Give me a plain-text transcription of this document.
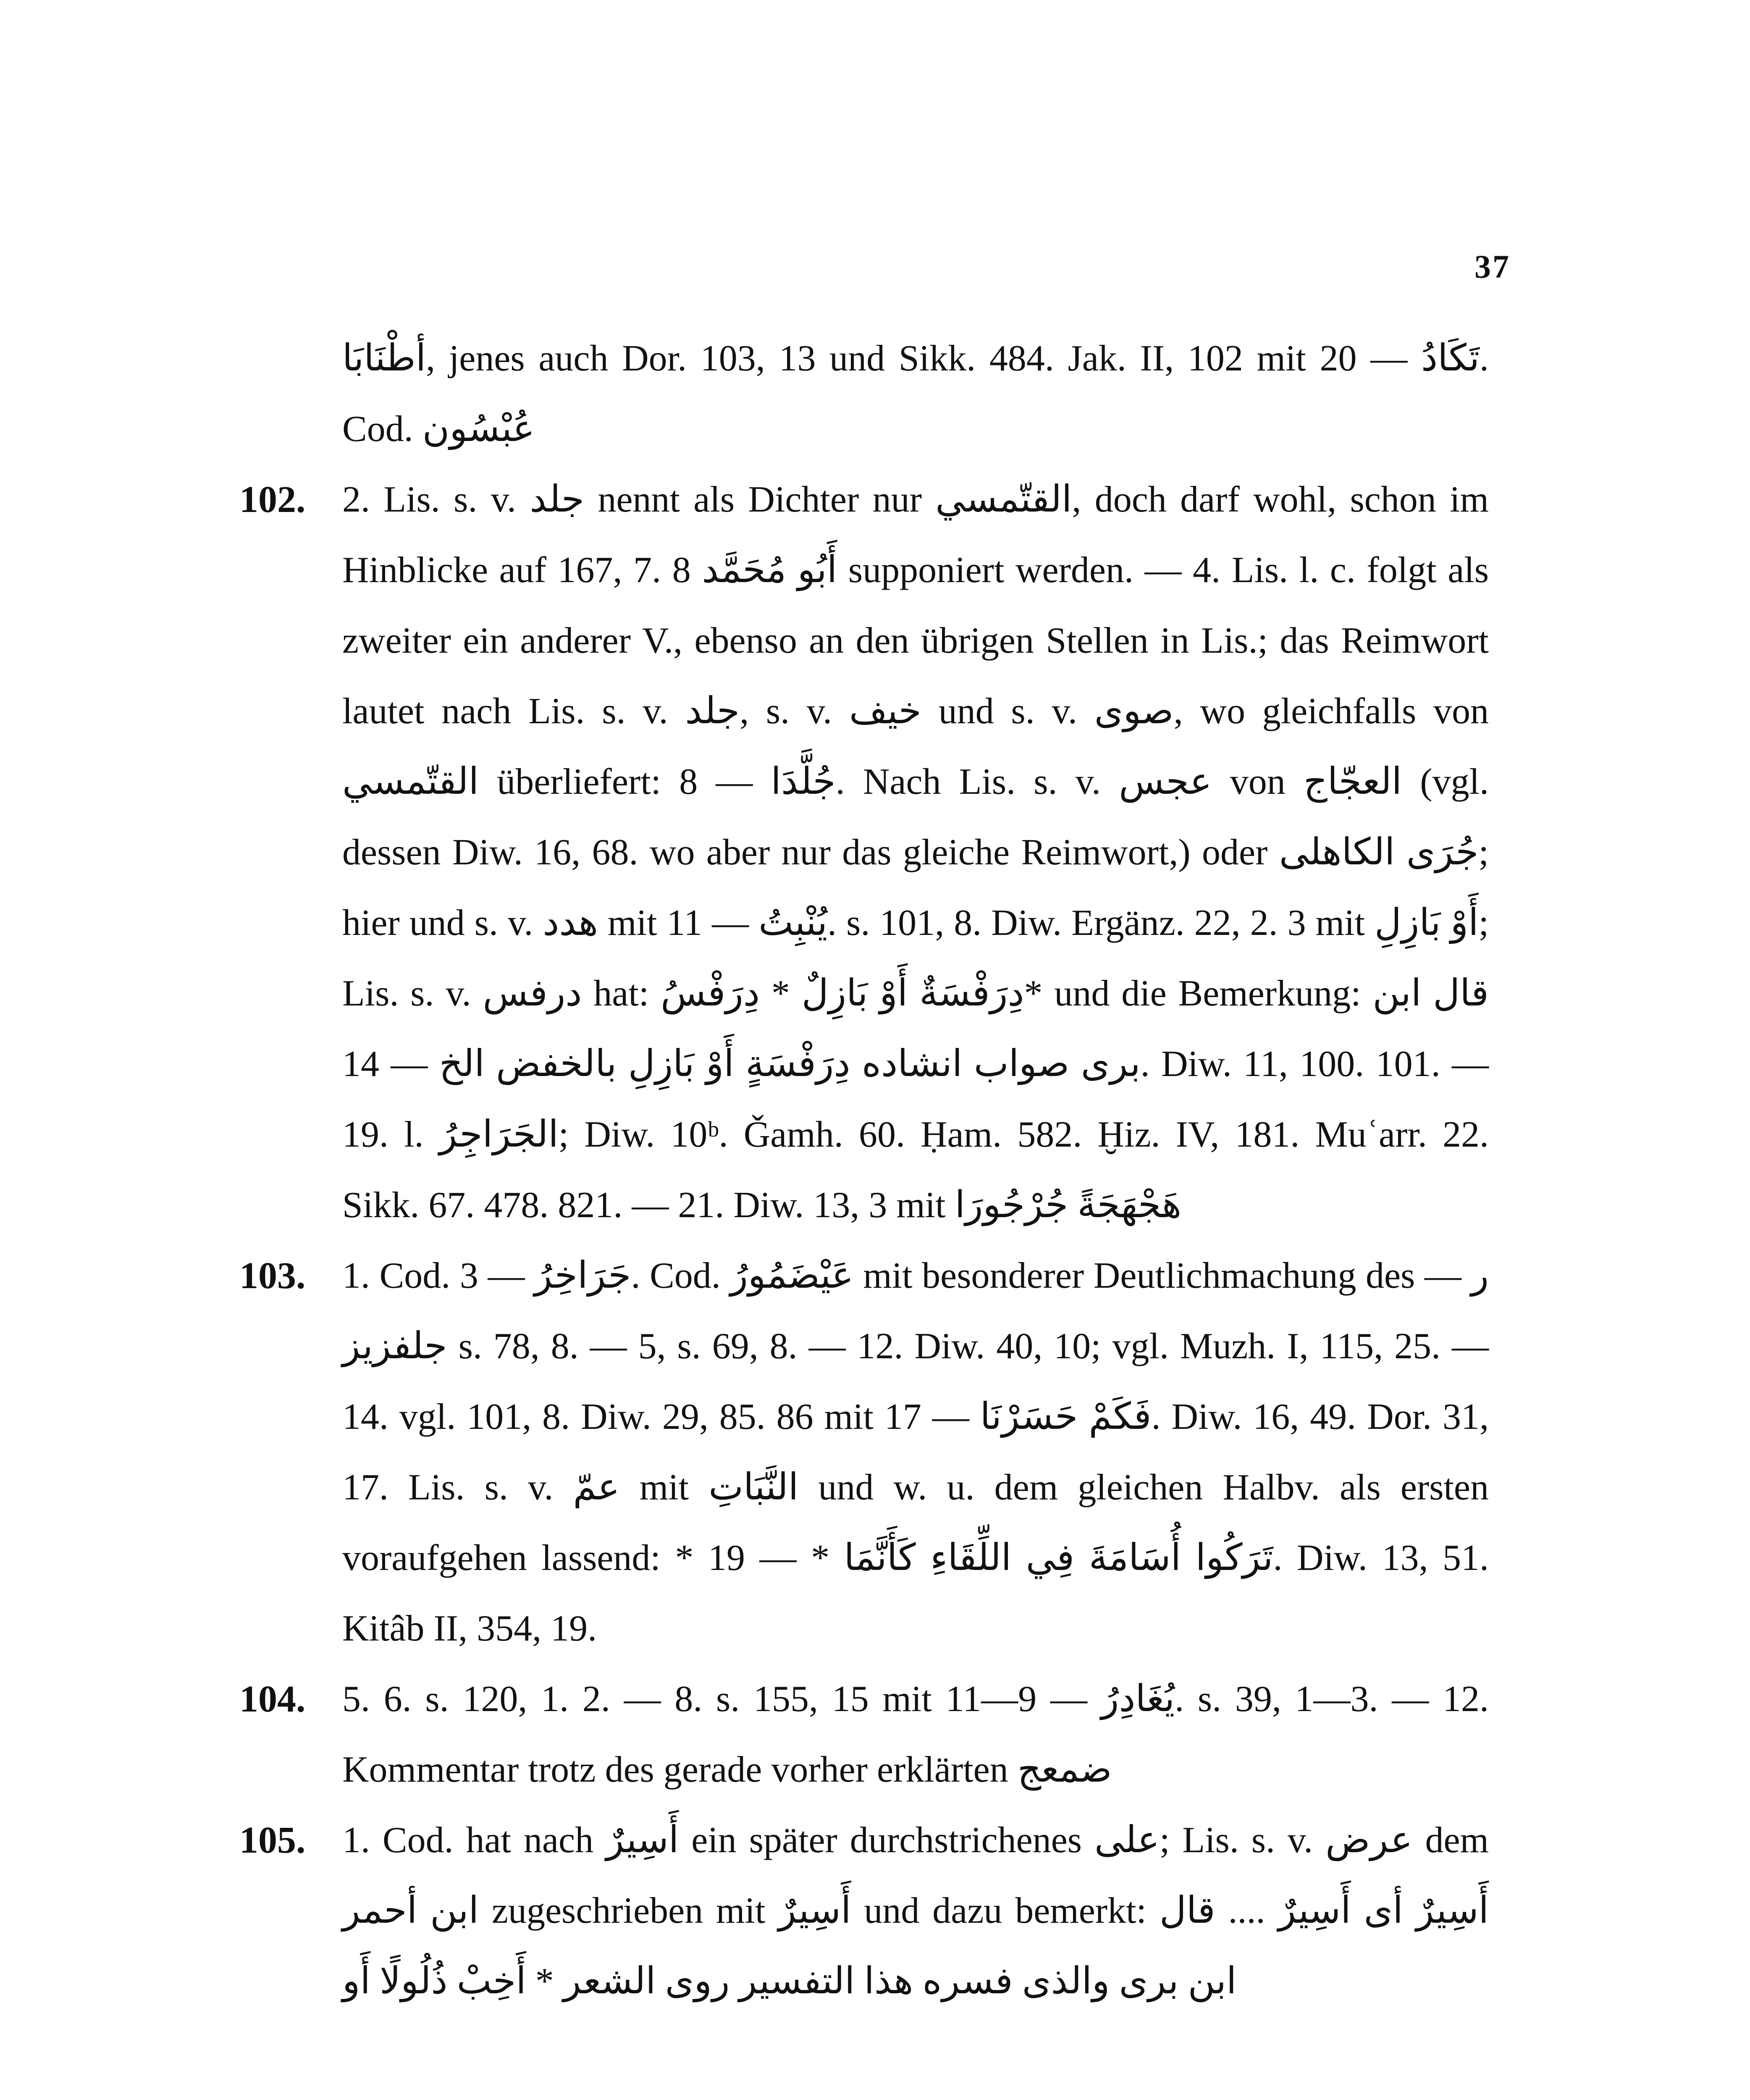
37
أطْنَابَا, jenes auch Dor. 103, 13 und Sikk. 484. Jak. II, 102 mit تَكَادُ — 20. Cod. عُبْسُون
102. 2. Lis. s. v. جلد nennt als Dichter nur القتّمسي, doch darf wohl, schon im Hinblicke auf 167, 7. 8 أَبُو مُحَمَّد supponiert werden. — 4. Lis. l. c. folgt als zweiter ein anderer V., ebenso an den übrigen Stellen in Lis.; das Reimwort lautet nach Lis. s. v. جلد, s. v. خيف und s. v. صوى, wo gleichfalls von القتّمسي überliefert: جُلَّدَا — 8. Nach Lis. s. v. عجس von العجّاج (vgl. dessen Diw. 16, 68. wo aber nur das gleiche Reimwort,) oder جُرَى الكاهلى; hier und s. v. هدد mit يُنْبِتُ — 11. s. 101, 8. Diw. Ergänz. 22, 2. 3 mit أَوْ بَازِلِ; Lis. s. v. درفس hat: دِرَفْسَةٌ أَوْ بَازِلٌ * دِرَفْسُ* und die Bemerkung: قال ابن برى صواب انشاده دِرَفْسَةٍ أَوْ بَازِلِ بالخفض الخ — 14. Diw. 11, 100. 101. — 19. l. الجَرَاجِرُ; Diw. 10ᵇ. Ǧamh. 60. Ḥam. 582. Ḫiz. IV, 181. Muʿarr. 22. Sikk. 67. 478. 821. — 21. Diw. 13, 3 mit هَجْهَجَةً جُرْجُورَا
103. 1. Cod. جَرَاخِرُ — 3. Cod. عَيْضَمُورُ mit besonderer Deutlichmachung des ر — جلفزيز s. 78, 8. — 5, s. 69, 8. — 12. Diw. 40, 10; vgl. Muzh. I, 115, 25. — 14. vgl. 101, 8. Diw. 29, 85. 86 mit فَكَمْ حَسَرْنَا — 17. Diw. 16, 49. Dor. 31, 17. Lis. s. v. عمّ mit النَّبَاتِ und w. u. dem gleichen Halbv. als ersten voraufgehen lassend: * تَرَكُوا أُسَامَةَ فِي اللِّقَاءِ كَأَنَّمَا * — 19. Diw. 13, 51. Kitâb II, 354, 19.
104. 5. 6. s. 120, 1. 2. — 8. s. 155, 15 mit يُغَادِرُ — 9—11. s. 39, 1—3. — 12. Kommentar trotz des gerade vorher erklärten ضمعج
105. 1. Cod. hat nach أَسِيرٌ ein später durchstrichenes على; Lis. s. v. عرض dem ابن أحمر zugeschrieben mit أَسِيرٌ und dazu bemerkt: أَسِيرٌ أى أَسِيرٌ .... قال ابن برى والذى فسره هذا التفسير روى الشعر * أَخِبْ ذُلُولًا أَو
